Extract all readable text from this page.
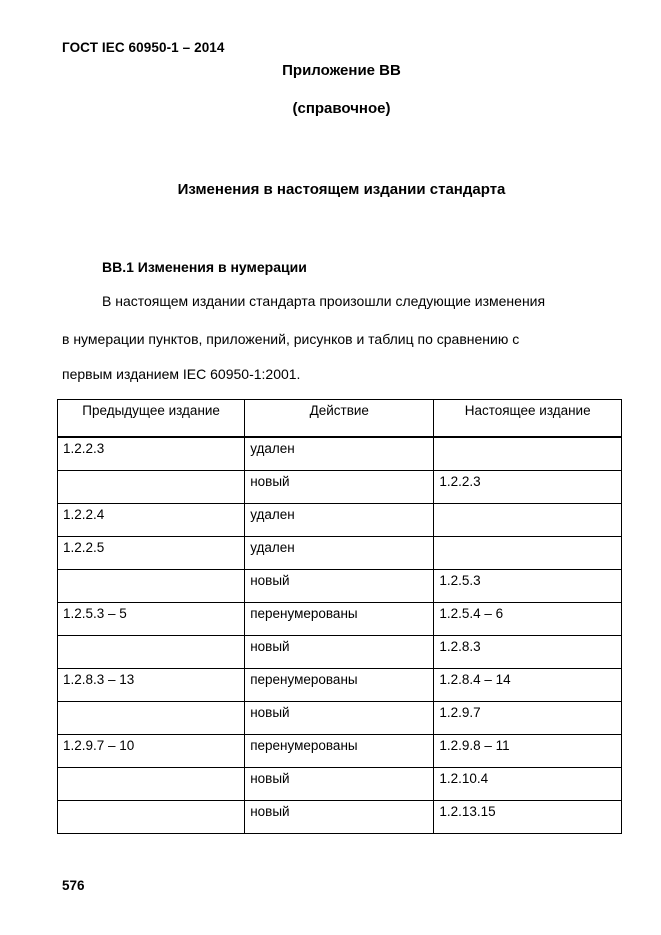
ГОСТ IEC 60950-1 – 2014
Приложение ВВ
(справочное)
Изменения в настоящем издании стандарта
ВВ.1 Изменения в нумерации
В настоящем издании стандарта произошли следующие изменения
в нумерации пунктов, приложений, рисунков и таблиц по сравнению с
первым изданием IEC 60950-1:2001.
Предыдущее издание	Действие	Настоящее издание
1.2.2.3	удален	
	новый	1.2.2.3
1.2.2.4	удален	
1.2.2.5	удален	
	новый	1.2.5.3
1.2.5.3 – 5	перенумерованы	1.2.5.4 – 6
	новый	1.2.8.3
1.2.8.3 – 13	перенумерованы	1.2.8.4 – 14
	новый	1.2.9.7
1.2.9.7 – 10	перенумерованы	1.2.9.8 – 11
	новый	1.2.10.4
	новый	1.2.13.15
576
